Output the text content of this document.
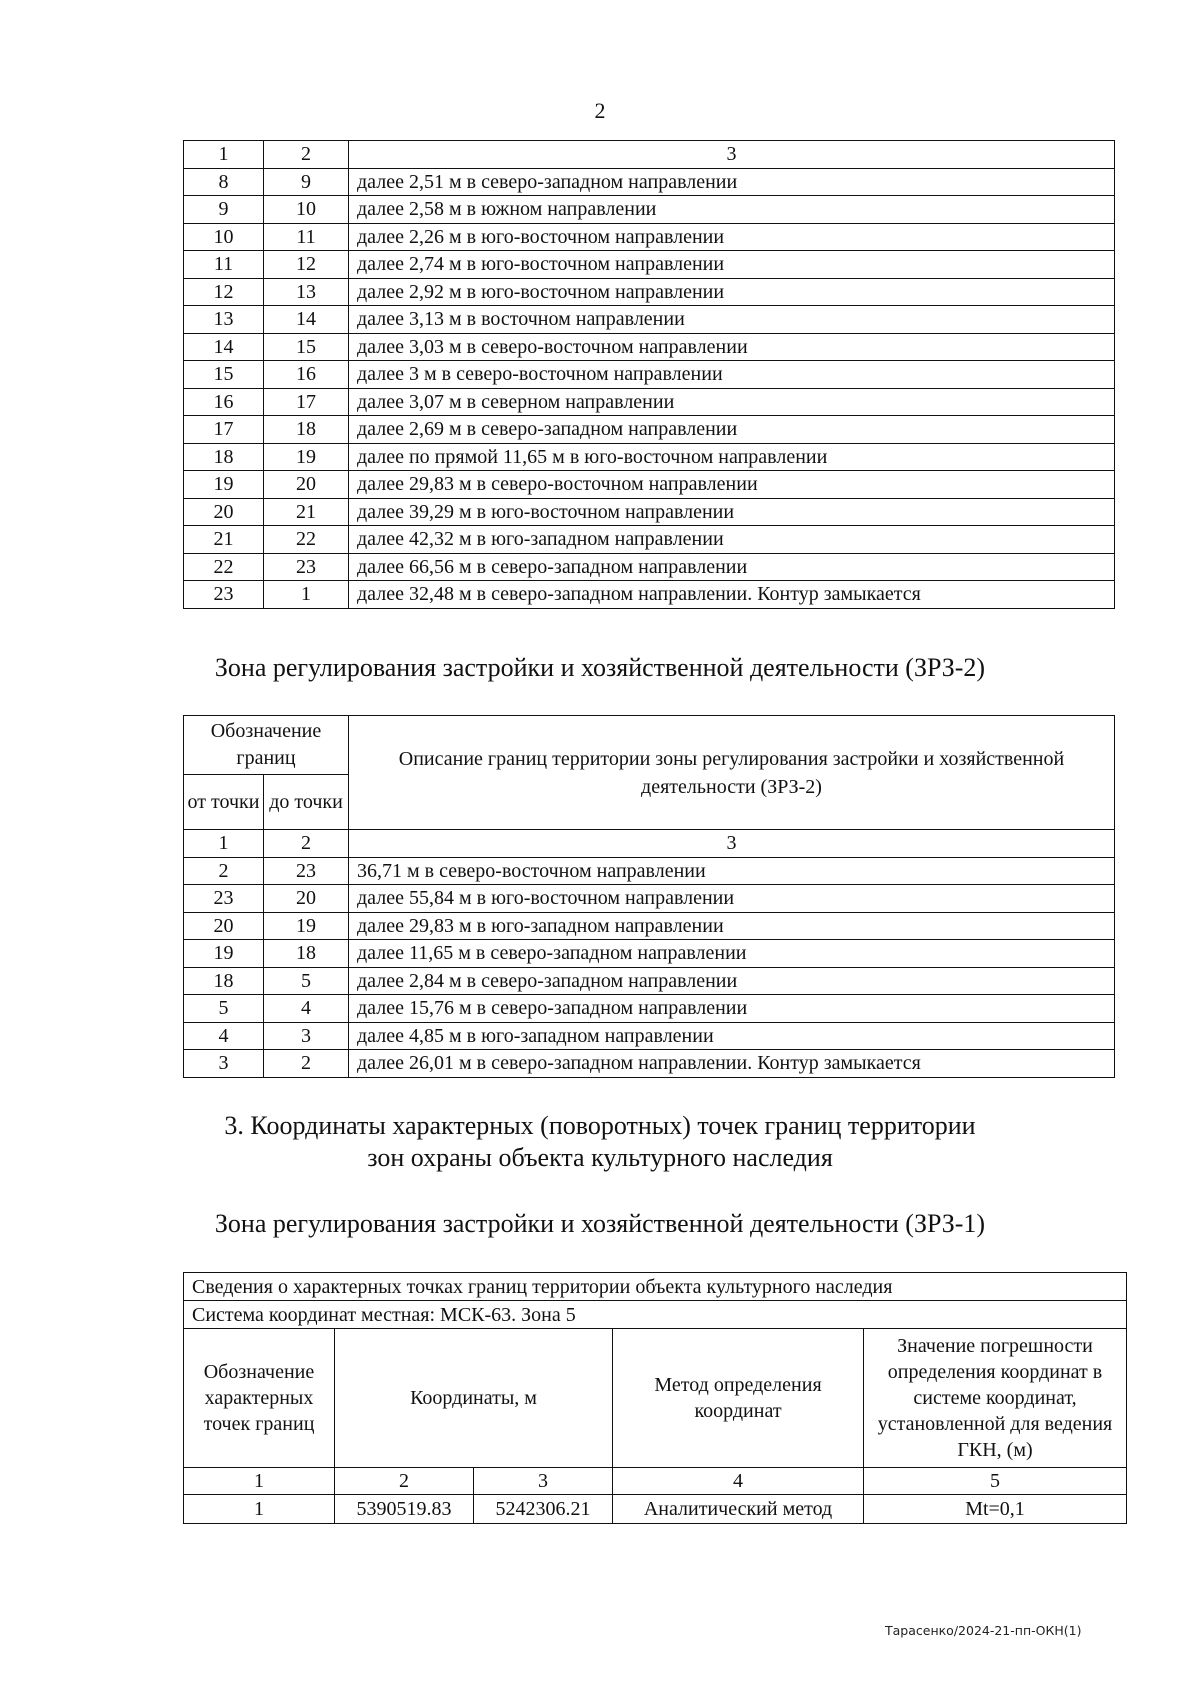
2
1	2	3
8	9	далее 2,51 м в северо-западном направлении
9	10	далее 2,58 м в южном направлении
10	11	далее 2,26 м в юго-восточном направлении
11	12	далее 2,74 м в юго-восточном направлении
12	13	далее 2,92 м в юго-восточном направлении
13	14	далее 3,13 м в восточном направлении
14	15	далее 3,03 м в северо-восточном направлении
15	16	далее 3 м в северо-восточном направлении
16	17	далее 3,07 м в северном направлении
17	18	далее 2,69 м в северо-западном направлении
18	19	далее по прямой 11,65 м в юго-восточном направлении
19	20	далее 29,83 м в северо-восточном направлении
20	21	далее 39,29 м в юго-восточном направлении
21	22	далее 42,32 м в юго-западном направлении
22	23	далее 66,56 м в северо-западном направлении
23	1	далее 32,48 м в северо-западном направлении. Контур замыкается
Зона регулирования застройки и хозяйственной деятельности (ЗРЗ-2)
Обозначение границ		Описание границ территории зоны регулирования застройки и хозяйственной деятельности (ЗРЗ-2)
от точки	до точки	
1	2	3
2	23	36,71 м в северо-восточном направлении
23	20	далее 55,84 м в юго-восточном направлении
20	19	далее 29,83 м в юго-западном направлении
19	18	далее 11,65 м в северо-западном направлении
18	5	далее 2,84 м в северо-западном направлении
5	4	далее 15,76 м в северо-западном направлении
4	3	далее 4,85 м в юго-западном направлении
3	2	далее 26,01 м в северо-западном направлении. Контур замыкается
3. Координаты характерных (поворотных) точек границ территории
зон охраны объекта культурного наследия
Зона регулирования застройки и хозяйственной деятельности (ЗРЗ-1)
Сведения о характерных точках границ территории объекта культурного наследия				
Система координат местная: МСК-63. Зона 5				
Обозначение характерных точек границ	Координаты, м		Метод определения координат	Значение погрешности определения координат в системе координат, установленной для ведения ГКН, (м)
1	2	3	4	5
1	5390519.83	5242306.21	Аналитический метод	Mt=0,1
Тарасенко/2024-21-пп-ОКН(1)
